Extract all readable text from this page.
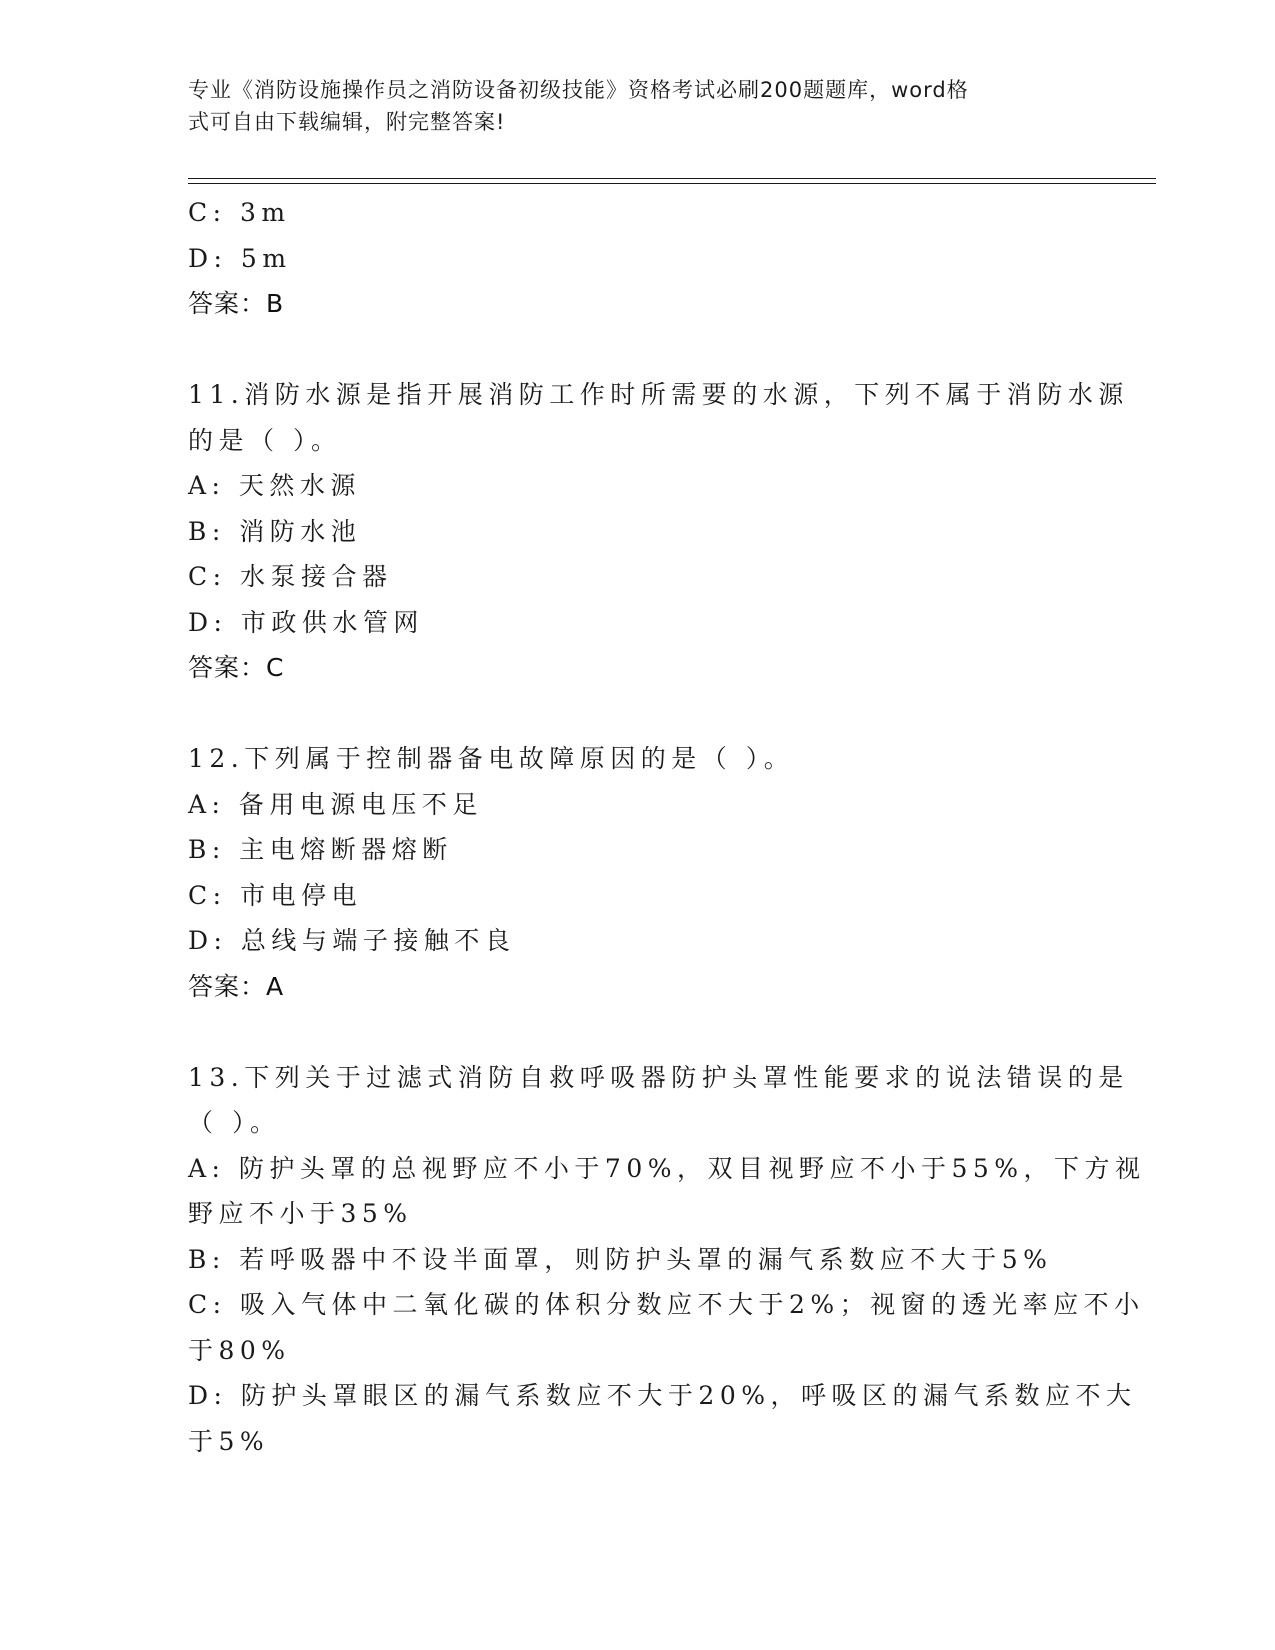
专业《消防设施操作员之消防设备初级技能》资格考试必刷200题题库，word格
式可自由下载编辑，附完整答案!
C: 3m
D: 5m
答案：B
11.消防水源是指开展消防工作时所需要的水源，下列不属于消防水源
的是（ ）。
A: 天然水源
B: 消防水池
C: 水泵接合器
D: 市政供水管网
答案：C
12.下列属于控制器备电故障原因的是（ ）。
A: 备用电源电压不足
B: 主电熔断器熔断
C: 市电停电
D: 总线与端子接触不良
答案：A
13.下列关于过滤式消防自救呼吸器防护头罩性能要求的说法错误的是
（ ）。
A: 防护头罩的总视野应不小于70%，双目视野应不小于55%，下方视
野应不小于35%
B: 若呼吸器中不设半面罩，则防护头罩的漏气系数应不大于5%
C: 吸入气体中二氧化碳的体积分数应不大于2%；视窗的透光率应不小
于80%
D: 防护头罩眼区的漏气系数应不大于20%，呼吸区的漏气系数应不大
于5%
